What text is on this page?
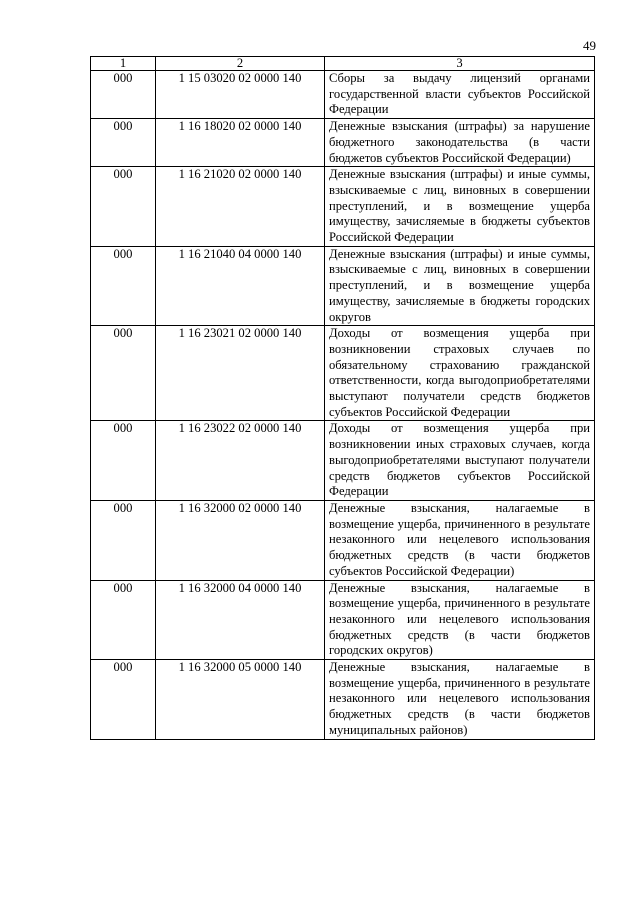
49
1	2	3
000	1 15 03020 02 0000 140	Сборы за выдачу лицензий органами государственной власти субъектов Российской Федерации
000	1 16 18020 02 0000 140	Денежные взыскания (штрафы) за нарушение бюджетного законодательства (в части бюджетов субъектов Российской Федерации)
000	1 16 21020 02 0000 140	Денежные взыскания (штрафы) и иные суммы, взыскиваемые с лиц, виновных в совершении преступлений, и в возмещение ущерба имуществу, зачисляемые в бюджеты субъектов Российской Федерации
000	1 16 21040 04 0000 140	Денежные взыскания (штрафы) и иные суммы, взыскиваемые с лиц, виновных в совершении преступлений, и в возмещение ущерба имуществу, зачисляемые в бюджеты городских округов
000	1 16 23021 02 0000 140	Доходы от возмещения ущерба при возникновении страховых случаев по обязательному страхованию гражданской ответственности, когда выгодоприобретателями выступают получатели средств бюджетов субъектов Российской Федерации
000	1 16 23022 02 0000 140	Доходы от возмещения ущерба при возникновении иных страховых случаев, когда выгодоприобретателями выступают получатели средств бюджетов субъектов Российской Федерации
000	1 16 32000 02 0000 140	Денежные взыскания, налагаемые в возмещение ущерба, причиненного в результате незаконного или нецелевого использования бюджетных средств (в части бюджетов субъектов Российской Федерации)
000	1 16 32000 04 0000 140	Денежные взыскания, налагаемые в возмещение ущерба, причиненного в результате незаконного или нецелевого использования бюджетных средств (в части бюджетов городских округов)
000	1 16 32000 05 0000 140	Денежные взыскания, налагаемые в возмещение ущерба, причиненного в результате незаконного или нецелевого использования бюджетных средств (в части бюджетов муниципальных районов)
